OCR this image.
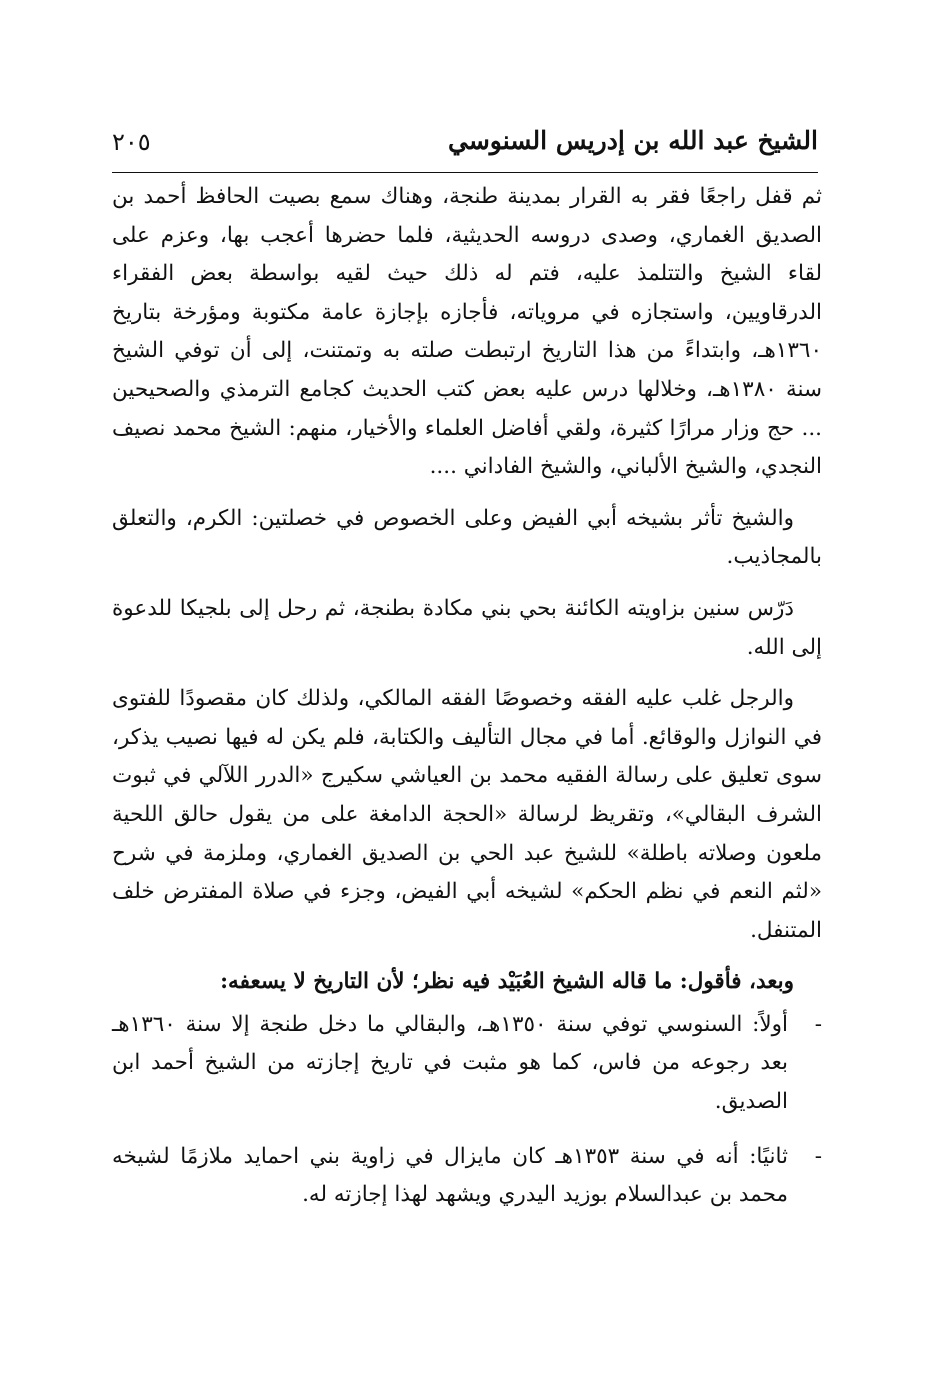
الشيخ عبد الله بن إدريس السنوسي
٢٠٥

ثم قفل راجعًا فقر به القرار بمدينة طنجة، وهناك سمع بصيت الحافظ أحمد بن الصديق الغماري، وصدى دروسه الحديثية، فلما حضرها أعجب بها، وعزم على لقاء الشيخ والتتلمذ عليه، فتم له ذلك حيث لقيه بواسطة بعض الفقراء الدرقاويين، واستجازه في مروياته، فأجازه بإجازة عامة مكتوبة ومؤرخة بتاريخ ١٣٦٠هـ، وابتداءً من هذا التاريخ ارتبطت صلته به وتمتنت، إلى أن توفي الشيخ سنة ١٣٨٠هـ، وخلالها درس عليه بعض كتب الحديث كجامع الترمذي والصحيحين ... حج وزار مرارًا كثيرة، ولقي أفاضل العلماء والأخيار، منهم: الشيخ محمد نصيف النجدي، والشيخ الألباني، والشيخ الفاداني ....

والشيخ تأثر بشيخه أبي الفيض وعلى الخصوص في خصلتين: الكرم، والتعلق بالمجاذيب.

دَرّس سنين بزاويته الكائنة بحي بني مكادة بطنجة، ثم رحل إلى بلجيكا للدعوة إلى الله.

والرجل غلب عليه الفقه وخصوصًا الفقه المالكي، ولذلك كان مقصودًا للفتوى في النوازل والوقائع. أما في مجال التأليف والكتابة، فلم يكن له فيها نصيب يذكر، سوى تعليق على رسالة الفقيه محمد بن العياشي سكيرج «الدرر اللآلي في ثبوت الشرف البقالي»، وتقريظ لرسالة «الحجة الدامغة على من يقول حالق اللحية ملعون وصلاته باطلة» للشيخ عبد الحي بن الصديق الغماري، وملزمة في شرح «لثم النعم في نظم الحكم» لشيخه أبي الفيض، وجزء في صلاة المفترض خلف المتنفل.

وبعد، فأقول: ما قاله الشيخ العُبَيْد فيه نظر؛ لأن التاريخ لا يسعفه:

-
أولاً: السنوسي توفي سنة ١٣٥٠هـ، والبقالي ما دخل طنجة إلا سنة ١٣٦٠هـ بعد رجوعه من فاس، كما هو مثبت في تاريخ إجازته من الشيخ أحمد ابن الصديق.
-
ثانيًا: أنه في سنة ١٣٥٣هـ كان مايزال في زاوية بني احمايد ملازمًا لشيخه محمد بن عبدالسلام بوزيد اليدري ويشهد لهذا إجازته له.
